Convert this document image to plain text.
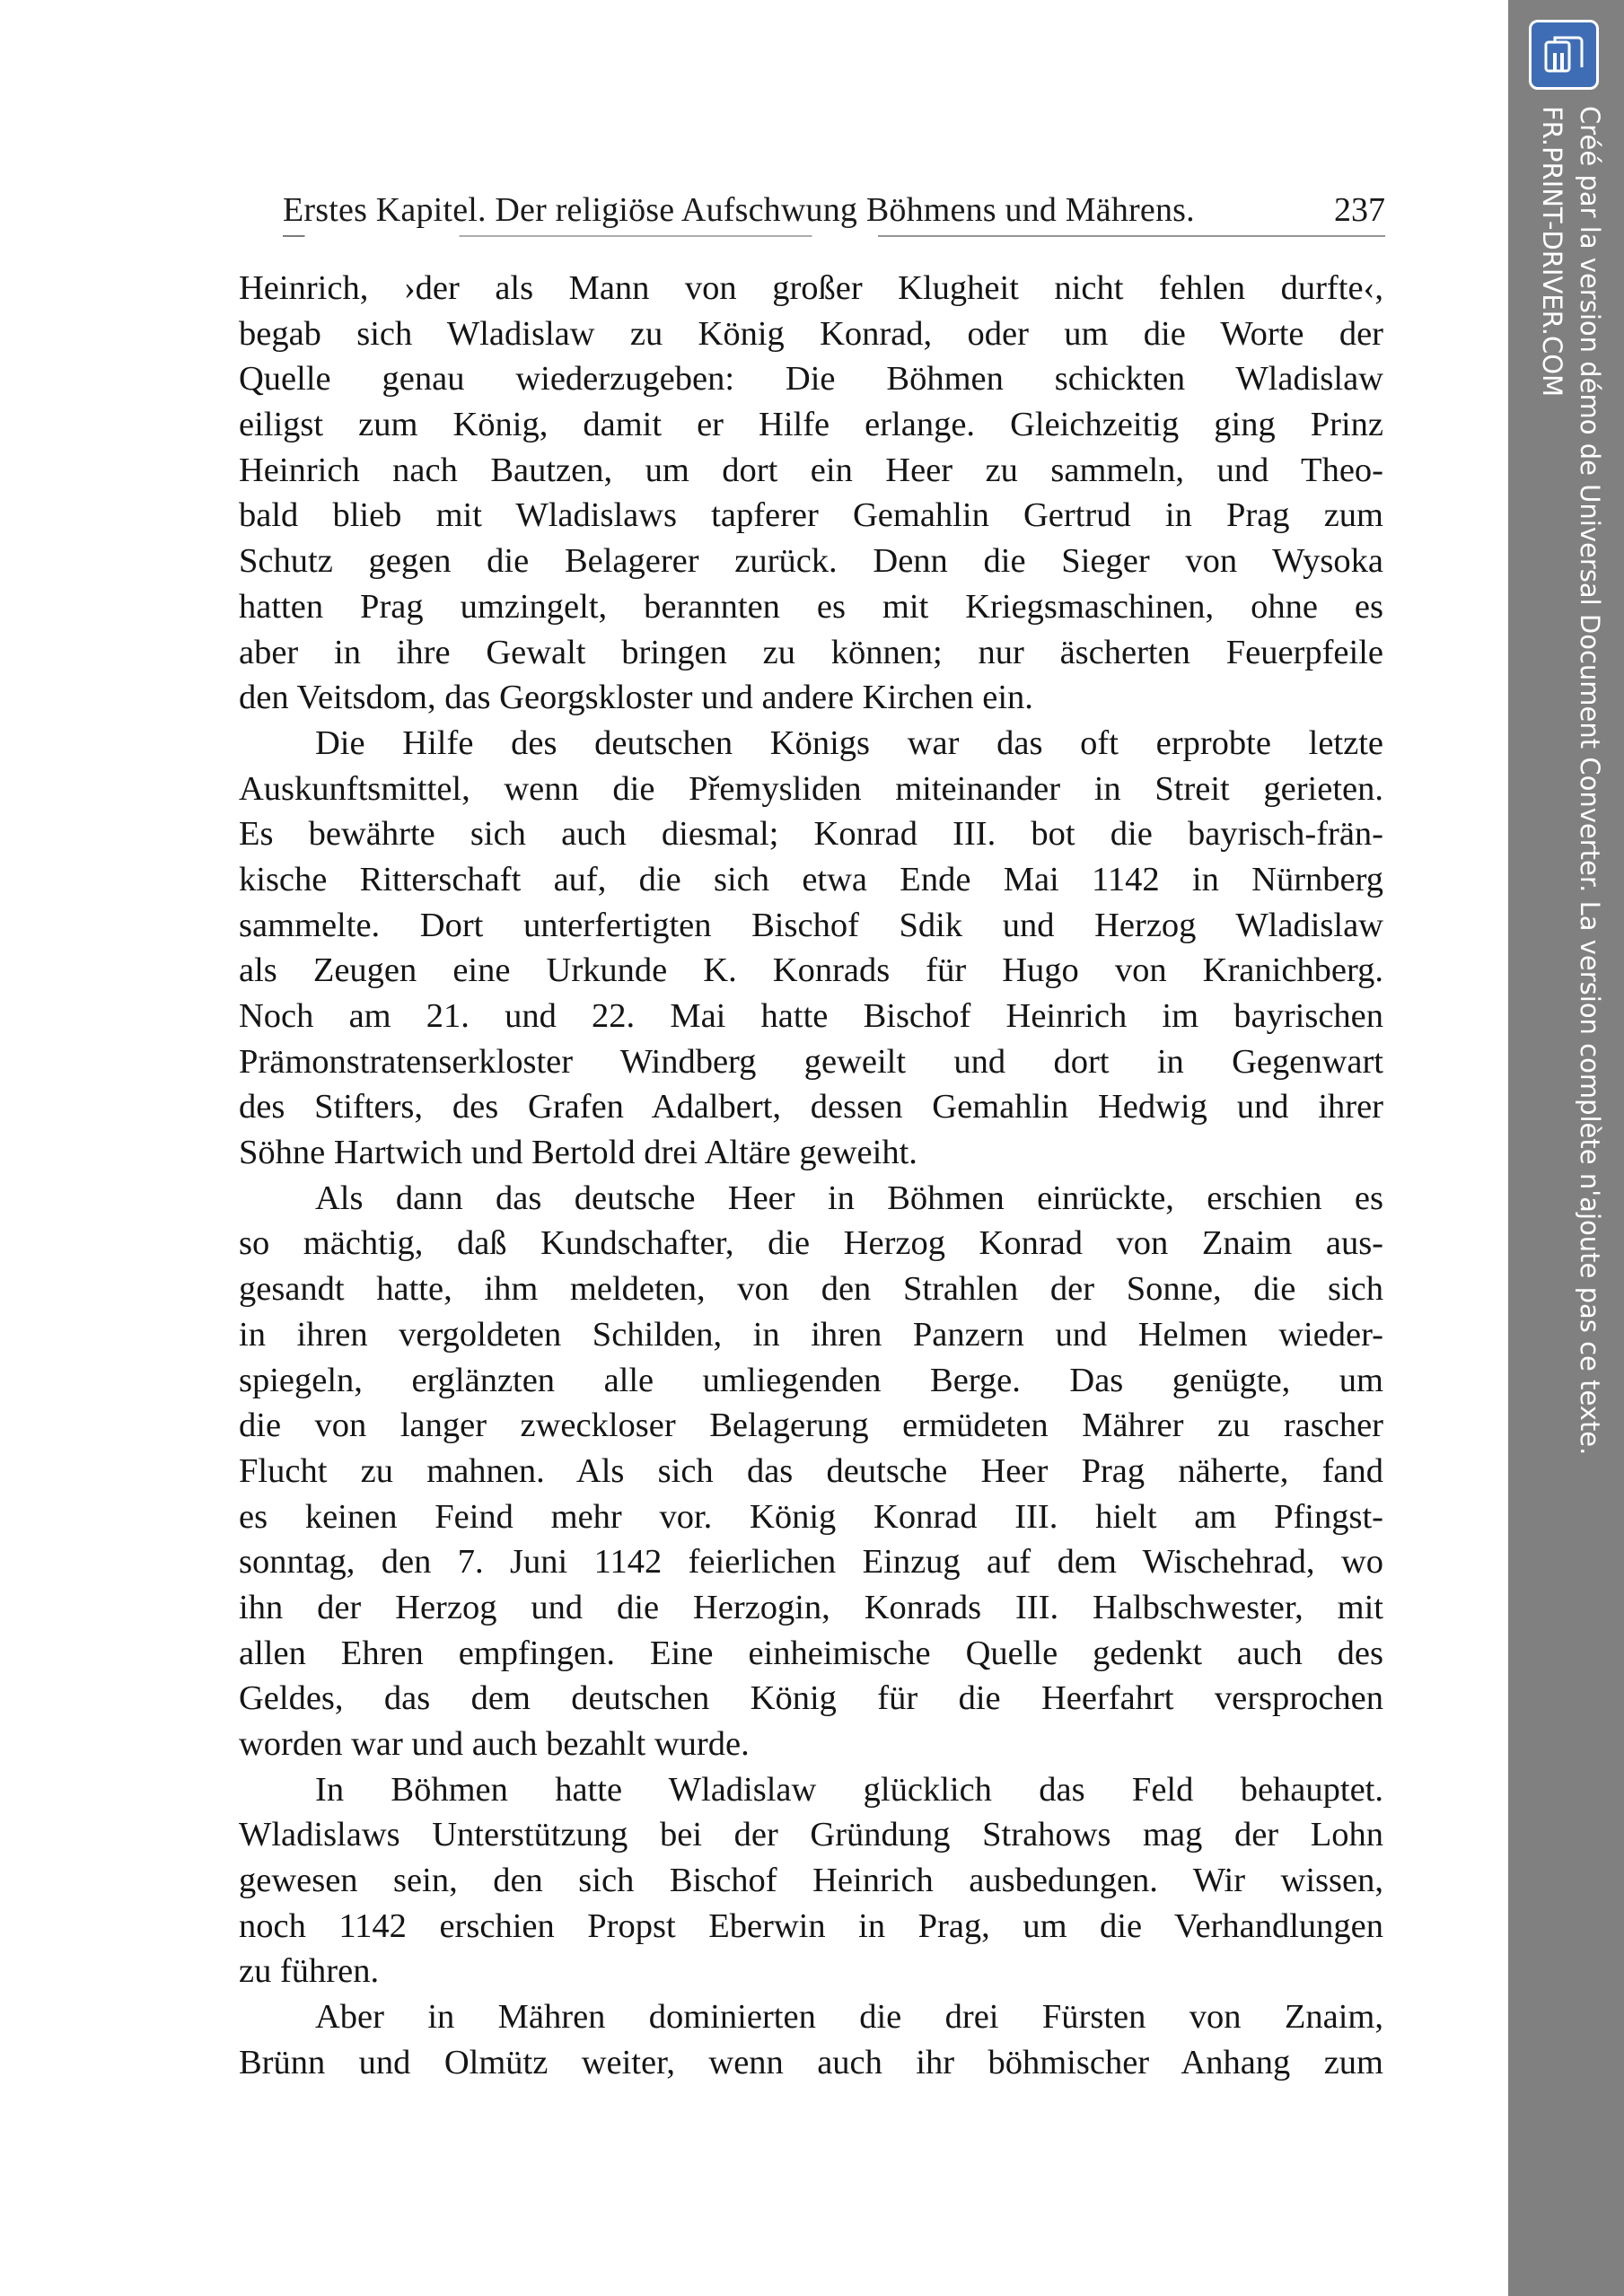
Erstes Kapitel. Der religiöse Aufschwung Böhmens und Mährens.	237
Heinrich, ›der als Mann von großer Klugheit nicht fehlen durfte‹,
begab sich Wladislaw zu König Konrad, oder um die Worte der
Quelle genau wiederzugeben: Die Böhmen schickten Wladislaw
eiligst zum König, damit er Hilfe erlange. Gleichzeitig ging Prinz
Heinrich nach Bautzen, um dort ein Heer zu sammeln, und Theo-
bald blieb mit Wladislaws tapferer Gemahlin Gertrud in Prag zum
Schutz gegen die Belagerer zurück. Denn die Sieger von Wysoka
hatten Prag umzingelt, berannten es mit Kriegsmaschinen, ohne es
aber in ihre Gewalt bringen zu können; nur äscherten Feuerpfeile
den Veitsdom, das Georgskloster und andere Kirchen ein.
Die Hilfe des deutschen Königs war das oft erprobte letzte
Auskunftsmittel, wenn die Přemysliden miteinander in Streit gerieten.
Es bewährte sich auch diesmal; Konrad III. bot die bayrisch-frän-
kische Ritterschaft auf, die sich etwa Ende Mai 1142 in Nürnberg
sammelte. Dort unterfertigten Bischof Sdik und Herzog Wladislaw
als Zeugen eine Urkunde K. Konrads für Hugo von Kranichberg.
Noch am 21. und 22. Mai hatte Bischof Heinrich im bayrischen
Prämonstratenserkloster Windberg geweilt und dort in Gegenwart
des Stifters, des Grafen Adalbert, dessen Gemahlin Hedwig und ihrer
Söhne Hartwich und Bertold drei Altäre geweiht.
Als dann das deutsche Heer in Böhmen einrückte, erschien es
so mächtig, daß Kundschafter, die Herzog Konrad von Znaim aus-
gesandt hatte, ihm meldeten, von den Strahlen der Sonne, die sich
in ihren vergoldeten Schilden, in ihren Panzern und Helmen wieder-
spiegeln, erglänzten alle umliegenden Berge. Das genügte, um
die von langer zweckloser Belagerung ermüdeten Mährer zu rascher
Flucht zu mahnen. Als sich das deutsche Heer Prag näherte, fand
es keinen Feind mehr vor. König Konrad III. hielt am Pfingst-
sonntag, den 7. Juni 1142 feierlichen Einzug auf dem Wischehrad, wo
ihn der Herzog und die Herzogin, Konrads III. Halbschwester, mit
allen Ehren empfingen. Eine einheimische Quelle gedenkt auch des
Geldes, das dem deutschen König für die Heerfahrt versprochen
worden war und auch bezahlt wurde.
In Böhmen hatte Wladislaw glücklich das Feld behauptet.
Wladislaws Unterstützung bei der Gründung Strahows mag der Lohn
gewesen sein, den sich Bischof Heinrich ausbedungen. Wir wissen,
noch 1142 erschien Propst Eberwin in Prag, um die Verhandlungen
zu führen.
Aber in Mähren dominierten die drei Fürsten von Znaim,
Brünn und Olmütz weiter, wenn auch ihr böhmischer Anhang zum
Créé par la version démo de Universal Document Converter. La version complète n'ajoute pas ce texte.
FR.PRINT-DRIVER.COM
